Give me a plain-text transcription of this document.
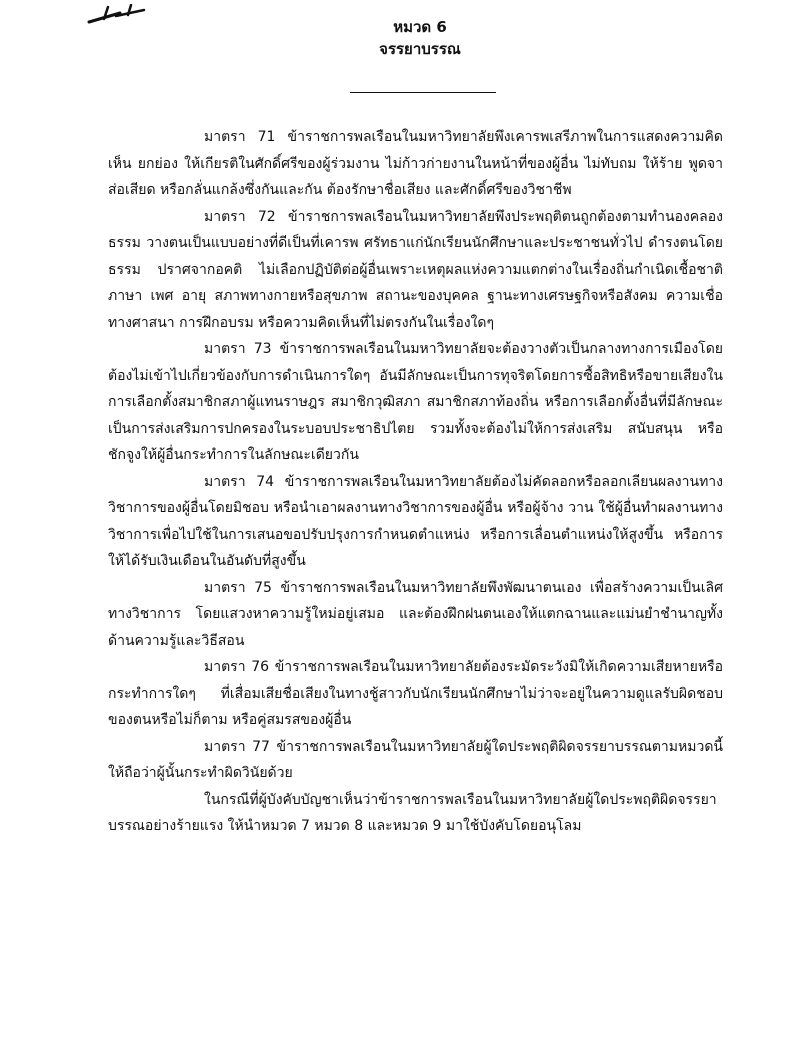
หมวด 6
จรรยาบรรณ

มาตรา 71 ข้าราชการพลเรือนในมหาวิทยาลัยพึงเคารพเสรีภาพในการแสดงความคิดเห็น ยกย่อง ให้เกียรติในศักดิ์ศรีของผู้ร่วมงาน ไม่ก้าวก่ายงานในหน้าที่ของผู้อื่น ไม่ทับถม ให้ร้าย พูดจาส่อเสียด หรือกลั่นแกล้งซึ่งกันและกัน ต้องรักษาชื่อเสียง และศักดิ์ศรีของวิชาชีพ

มาตรา 72 ข้าราชการพลเรือนในมหาวิทยาลัยพึงประพฤติตนถูกต้องตามทำนองคลองธรรม วางตนเป็นแบบอย่างที่ดีเป็นที่เคารพ ศรัทธาแก่นักเรียนนักศึกษาและประชาชนทั่วไป ดำรงตนโดยธรรม ปราศจากอคติ ไม่เลือกปฏิบัติต่อผู้อื่นเพราะเหตุผลแห่งความแตกต่างในเรื่องถิ่นกำเนิดเชื้อชาติ ภาษา เพศ อายุ สภาพทางกายหรือสุขภาพ สถานะของบุคคล ฐานะทางเศรษฐกิจหรือสังคม ความเชื่อทางศาสนา การฝึกอบรม หรือความคิดเห็นที่ไม่ตรงกันในเรื่องใดๆ

มาตรา 73 ข้าราชการพลเรือนในมหาวิทยาลัยจะต้องวางตัวเป็นกลางทางการเมืองโดยต้องไม่เข้าไปเกี่ยวข้องกับการดำเนินการใดๆ อันมีลักษณะเป็นการทุจริตโดยการซื้อสิทธิหรือขายเสียงในการเลือกตั้งสมาชิกสภาผู้แทนราษฎร สมาชิกวุฒิสภา สมาชิกสภาท้องถิ่น หรือการเลือกตั้งอื่นที่มีลักษณะเป็นการส่งเสริมการปกครองในระบอบประชาธิปไตย รวมทั้งจะต้องไม่ให้การส่งเสริม สนับสนุน หรือชักจูงให้ผู้อื่นกระทำการในลักษณะเดียวกัน

มาตรา 74 ข้าราชการพลเรือนในมหาวิทยาลัยต้องไม่คัดลอกหรือลอกเลียนผลงานทางวิชาการของผู้อื่นโดยมิชอบ หรือนำเอาผลงานทางวิชาการของผู้อื่น หรือผู้จ้าง วาน ใช้ผู้อื่นทำผลงานทางวิชาการเพื่อไปใช้ในการเสนอขอปรับปรุงการกำหนดตำแหน่ง หรือการเลื่อนตำแหน่งให้สูงขึ้น หรือการให้ได้รับเงินเดือนในอันดับที่สูงขึ้น

มาตรา 75 ข้าราชการพลเรือนในมหาวิทยาลัยพึงพัฒนาตนเอง เพื่อสร้างความเป็นเลิศทางวิชาการ โดยแสวงหาความรู้ใหม่อยู่เสมอ และต้องฝึกฝนตนเองให้แตกฉานและแม่นยำชำนาญทั้งด้านความรู้และวิธีสอน

มาตรา 76 ข้าราชการพลเรือนในมหาวิทยาลัยต้องระมัดระวังมิให้เกิดความเสียหายหรือกระทำการใดๆ ที่เสื่อมเสียชื่อเสียงในทางชู้สาวกับนักเรียนนักศึกษาไม่ว่าจะอยู่ในความดูแลรับผิดชอบของตนหรือไม่ก็ตาม หรือคู่สมรสของผู้อื่น

มาตรา 77 ข้าราชการพลเรือนในมหาวิทยาลัยผู้ใดประพฤติผิดจรรยาบรรณตามหมวดนี้ให้ถือว่าผู้นั้นกระทำผิดวินัยด้วย

ในกรณีที่ผู้บังคับบัญชาเห็นว่าข้าราชการพลเรือนในมหาวิทยาลัยผู้ใดประพฤติผิดจรรยาบรรณอย่างร้ายแรง ให้นำหมวด 7 หมวด 8 และหมวด 9 มาใช้บังคับโดยอนุโลม
